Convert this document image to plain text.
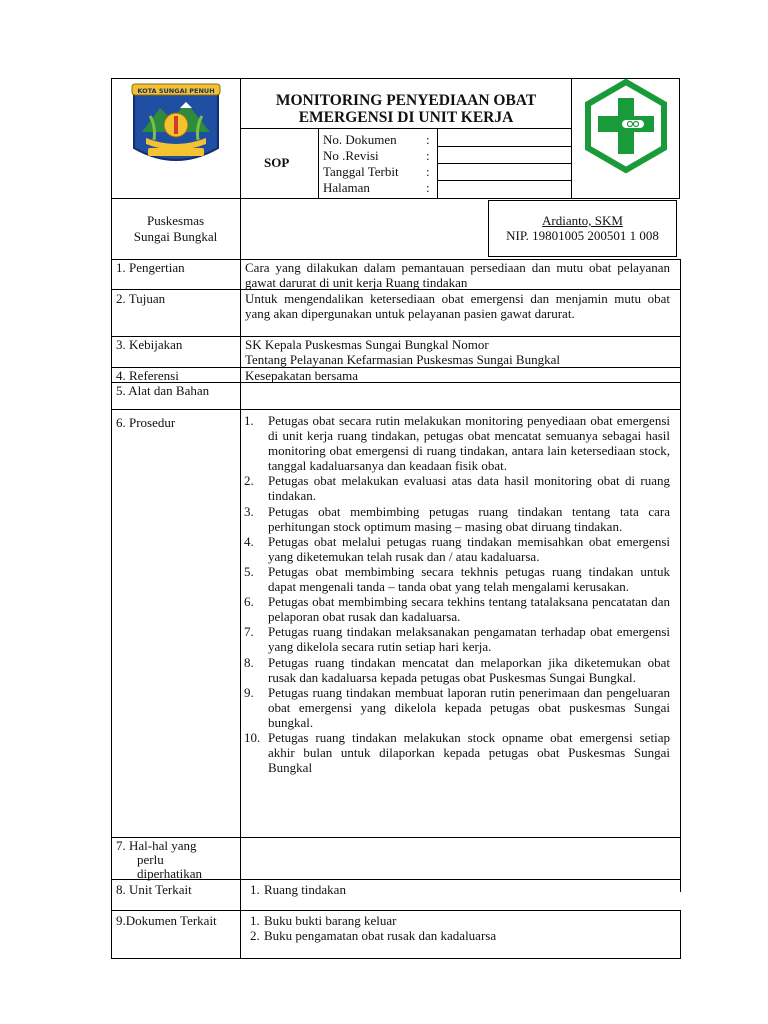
KOTA SUNGAI PENUH
MONITORING PENYEDIAAN OBAT
EMERGENSI DI UNIT KERJA
SOP
No. Dokumen :
No .Revisi	:
Tanggal Terbit :
Halaman	:
Puskesmas
Sungai Bungkal
Ardianto, SKM
NIP. 19801005 200501 1 008
1. Pengertian	Cara yang dilakukan dalam pemantauan persediaan dan mutu obat pelayanan gawat darurat di unit kerja Ruang tindakan
2. Tujuan	Untuk mengendalikan ketersediaan obat emergensi dan menjamin mutu obat yang akan dipergunakan untuk pelayanan pasien gawat darurat.
3. Kebijakan	SK Kepala Puskesmas Sungai Bungkal Nomor
Tentang Pelayanan Kefarmasian Puskesmas Sungai Bungkal
4. Referensi	Kesepakatan bersama
5. Alat dan Bahan
6. Prosedur	1. Petugas obat secara rutin melakukan monitoring penyediaan obat emergensi di unit kerja ruang tindakan, petugas obat mencatat semuanya sebagai hasil monitoring obat emergensi di ruang tindakan, antara lain ketersediaan stock, tanggal kadaluarsanya dan keadaan fisik obat.
2. Petugas obat melakukan evaluasi atas data hasil monitoring obat di ruang tindakan.
3. Petugas obat membimbing petugas ruang tindakan tentang tata cara perhitungan stock optimum masing – masing obat diruang tindakan.
4. Petugas obat melalui petugas ruang tindakan memisahkan obat emergensi yang diketemukan telah rusak dan / atau kadaluarsa.
5. Petugas obat membimbing secara tekhnis petugas ruang tindakan untuk dapat mengenali tanda – tanda obat yang telah mengalami kerusakan.
6. Petugas obat membimbing secara tekhins tentang tatalaksana pencatatan dan pelaporan obat rusak dan kadaluarsa.
7. Petugas ruang tindakan melaksanakan pengamatan terhadap obat emergensi yang dikelola secara rutin setiap hari kerja.
8. Petugas ruang tindakan mencatat dan melaporkan jika diketemukan obat rusak dan kadaluarsa kepada petugas obat Puskesmas Sungai Bungkal.
9. Petugas ruang tindakan membuat laporan rutin penerimaan dan pengeluaran obat emergensi yang dikelola kepada petugas obat puskesmas Sungai bungkal.
10. Petugas ruang tindakan melakukan stock opname obat emergensi setiap akhir bulan untuk dilaporkan kepada petugas obat Puskesmas Sungai Bungkal
7. Hal-hal yang
perlu
diperhatikan
8. Unit Terkait	1. Ruang tindakan
9.Dokumen Terkait	1. Buku bukti barang keluar
2. Buku pengamatan obat rusak dan kadaluarsa
